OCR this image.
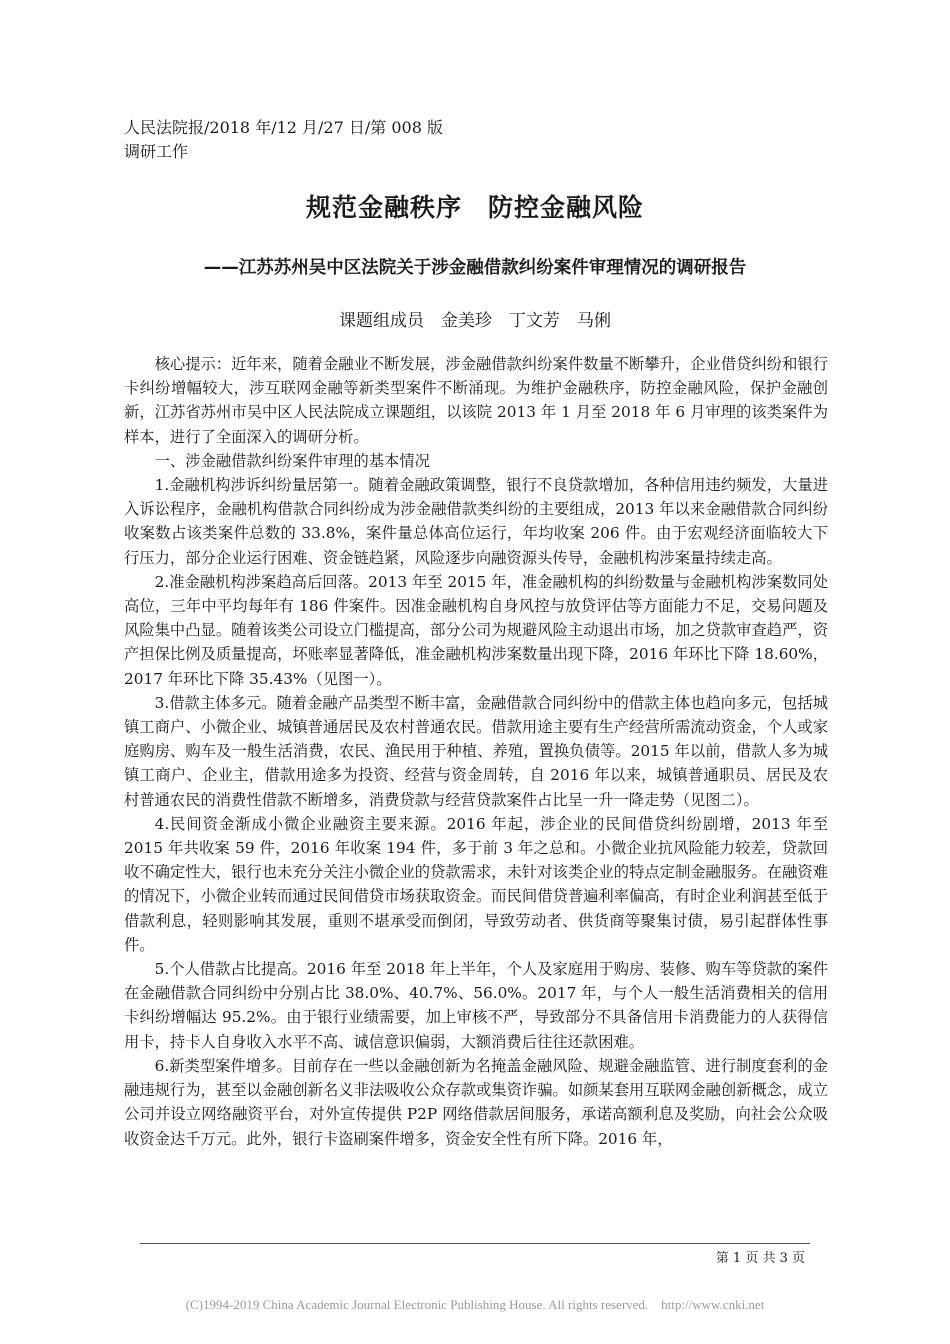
人民法院报/2018 年/12 月/27 日/第 008 版
调研工作
规范金融秩序　防控金融风险
——江苏苏州吴中区法院关于涉金融借款纠纷案件审理情况的调研报告
课题组成员　金美珍　丁文芳　马俐

核心提示：近年来，随着金融业不断发展，涉金融借款纠纷案件数量不断攀升，企业借贷纠纷和银行卡纠纷增幅较大，涉互联网金融等新类型案件不断涌现。为维护金融秩序，防控金融风险，保护金融创新，江苏省苏州市吴中区人民法院成立课题组，以该院 2013 年 1 月至 2018 年 6 月审理的该类案件为样本，进行了全面深入的调研分析。

一、涉金融借款纠纷案件审理的基本情况

1.金融机构涉诉纠纷量居第一。随着金融政策调整，银行不良贷款增加，各种信用违约频发，大量进入诉讼程序，金融机构借款合同纠纷成为涉金融借款类纠纷的主要组成，2013 年以来金融借款合同纠纷收案数占该类案件总数的 33.8%，案件量总体高位运行，年均收案 206 件。由于宏观经济面临较大下行压力，部分企业运行困难、资金链趋紧，风险逐步向融资源头传导，金融机构涉案量持续走高。

2.准金融机构涉案趋高后回落。2013 年至 2015 年，准金融机构的纠纷数量与金融机构涉案数同处高位，三年中平均每年有 186 件案件。因准金融机构自身风控与放贷评估等方面能力不足，交易问题及风险集中凸显。随着该类公司设立门槛提高，部分公司为规避风险主动退出市场，加之贷款审查趋严，资产担保比例及质量提高，坏账率显著降低，准金融机构涉案数量出现下降，2016 年环比下降 18.60%，2017 年环比下降 35.43%（见图一）。

3.借款主体多元。随着金融产品类型不断丰富，金融借款合同纠纷中的借款主体也趋向多元，包括城镇工商户、小微企业、城镇普通居民及农村普通农民。借款用途主要有生产经营所需流动资金，个人或家庭购房、购车及一般生活消费，农民、渔民用于种植、养殖，置换负债等。2015 年以前，借款人多为城镇工商户、企业主，借款用途多为投资、经营与资金周转，自 2016 年以来，城镇普通职员、居民及农村普通农民的消费性借款不断增多，消费贷款与经营贷款案件占比呈一升一降走势（见图二）。

4.民间资金渐成小微企业融资主要来源。2016 年起，涉企业的民间借贷纠纷剧增，2013 年至 2015 年共收案 59 件，2016 年收案 194 件，多于前 3 年之总和。小微企业抗风险能力较差，贷款回收不确定性大，银行也未充分关注小微企业的贷款需求，未针对该类企业的特点定制金融服务。在融资难的情况下，小微企业转而通过民间借贷市场获取资金。而民间借贷普遍利率偏高，有时企业利润甚至低于借款利息，轻则影响其发展，重则不堪承受而倒闭，导致劳动者、供货商等聚集讨债，易引起群体性事件。

5.个人借款占比提高。2016 年至 2018 年上半年，个人及家庭用于购房、装修、购车等贷款的案件在金融借款合同纠纷中分别占比 38.0%、40.7%、56.0%。2017 年，与个人一般生活消费相关的信用卡纠纷增幅达 95.2%。由于银行业绩需要，加上审核不严，导致部分不具备信用卡消费能力的人获得信用卡，持卡人自身收入水平不高、诚信意识偏弱，大额消费后往往还款困难。

6.新类型案件增多。目前存在一些以金融创新为名掩盖金融风险、规避金融监管、进行制度套利的金融违规行为，甚至以金融创新名义非法吸收公众存款或集资诈骗。如颜某套用互联网金融创新概念，成立公司并设立网络融资平台，对外宣传提供 P2P 网络借款居间服务，承诺高额利息及奖励，向社会公众吸收资金达千万元。此外，银行卡盗刷案件增多，资金安全性有所下降。2016 年，

第 1 页 共 3 页
(C)1994-2019 China Academic Journal Electronic Publishing House. All rights reserved.    http://www.cnki.net
